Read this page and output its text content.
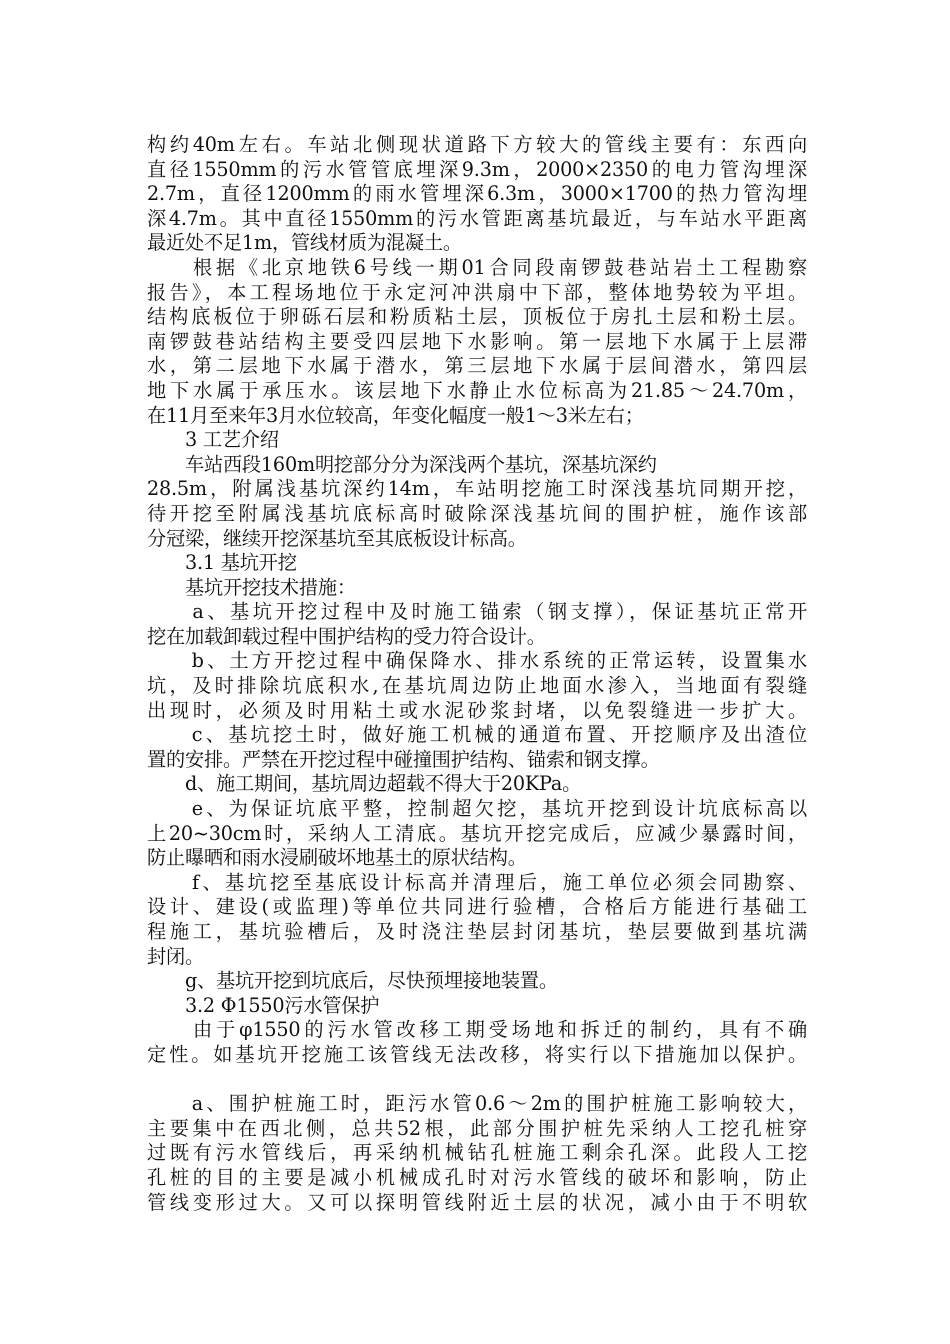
构约40m左右。车站北侧现状道路下方较大的管线主要有：东西向
直径1550mm的污水管管底埋深9.3m，2000×2350的电力管沟埋深
2.7m，直径1200mm的雨水管埋深6.3m，3000×1700的热力管沟埋
深4.7m。其中直径1550mm的污水管距离基坑最近，与车站水平距离
最近处不足1m，管线材质为混凝土。
　　根据《北京地铁6号线一期01合同段南锣鼓巷站岩土工程勘察
报告》，本工程场地位于永定河冲洪扇中下部，整体地势较为平坦。
结构底板位于卵砾石层和粉质粘土层，顶板位于房扎土层和粉土层。
南锣鼓巷站结构主要受四层地下水影响。第一层地下水属于上层滞
水，第二层地下水属于潜水，第三层地下水属于层间潜水，第四层
地下水属于承压水。该层地下水静止水位标高为21.85～24.70m，
在11月至来年3月水位较高，年变化幅度一般1～3米左右；
　　3 工艺介绍
　　车站西段160m明挖部分分为深浅两个基坑，深基坑深约
28.5m，附属浅基坑深约14m，车站明挖施工时深浅基坑同期开挖，
待开挖至附属浅基坑底标高时破除深浅基坑间的围护桩，施作该部
分冠梁，继续开挖深基坑至其底板设计标高。
　　3.1 基坑开挖
　　基坑开挖技术措施：
　　a、基坑开挖过程中及时施工锚索（钢支撑），保证基坑正常开
挖在加载卸载过程中围护结构的受力符合设计。
　　b、土方开挖过程中确保降水、排水系统的正常运转，设置集水
坑，及时排除坑底积水,在基坑周边防止地面水渗入，当地面有裂缝
出现时，必须及时用粘土或水泥砂浆封堵，以免裂缝进一步扩大。
　　c、基坑挖土时，做好施工机械的通道布置、开挖顺序及出渣位
置的安排。严禁在开挖过程中碰撞围护结构、锚索和钢支撑。
　　d、施工期间，基坑周边超载不得大于20KPa。
　　e、为保证坑底平整，控制超欠挖，基坑开挖到设计坑底标高以
上20~30cm时，采纳人工清底。基坑开挖完成后，应减少暴露时间，
防止曝晒和雨水浸刷破坏地基土的原状结构。
　　f、基坑挖至基底设计标高并清理后，施工单位必须会同勘察、
设计、建设(或监理)等单位共同进行验槽，合格后方能进行基础工
程施工，基坑验槽后，及时浇注垫层封闭基坑，垫层要做到基坑满
封闭。
　　g、基坑开挖到坑底后，尽快预埋接地装置。
　　3.2 Φ1550污水管保护
　　由于φ1550的污水管改移工期受场地和拆迁的制约，具有不确
定性。如基坑开挖施工该管线无法改移，将实行以下措施加以保护。
　　a、围护桩施工时，距污水管0.6～2m的围护桩施工影响较大，
主要集中在西北侧，总共52根，此部分围护桩先采纳人工挖孔桩穿
过既有污水管线后，再采纳机械钻孔桩施工剩余孔深。此段人工挖
孔桩的目的主要是减小机械成孔时对污水管线的破坏和影响，防止
管线变形过大。又可以探明管线附近土层的状况，减小由于不明软
